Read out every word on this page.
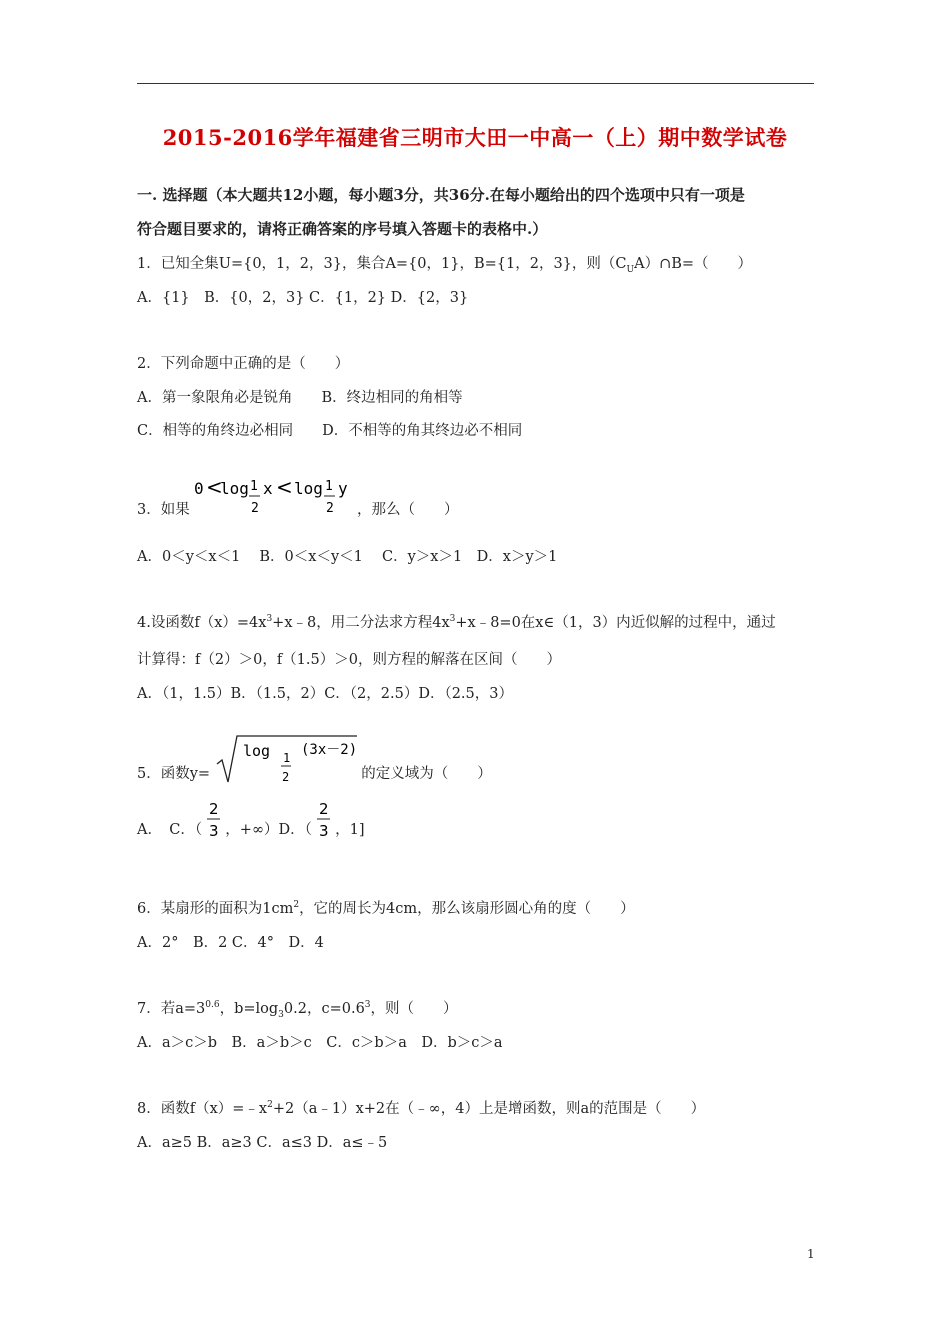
2015-2016学年福建省三明市大田一中高一（上）期中数学试卷
一. 选择题（本大题共12小题，每小题3分，共36分.在每小题给出的四个选项中只有一项是
符合题目要求的，请将正确答案的序号填入答题卡的表格中.）
1．已知全集U={0，1，2，3}，集合A={0，1}，B={1，2，3}，则$(C_UA)\cap B=$（　　）
A．{1}　B．{0，2，3} C．{1，2} D．{2，3}
2．下列命题中正确的是（　　）
A．第一象限角必是锐角　　B．终边相同的角相等
C．相等的角终边必相同　　D．不相等的角其终边必不相同
3．如果
0 <
log 1
2
x < log 1
2
y
，那么（　　）
A．0＜y＜x＜1　 B．0＜x＜y＜1　 C．y＞x＞1　D．x＞y＞1
4.设函数$f(x)=4x^3+x﹣8$，用二分法求方程$4x^3+x﹣8=0$在x∈（1，3）内近似解的过程中，通过
计算得：f（2）＞0，f（1.5）＞0，则方程的解落在区间（　　）
A．（1，1.5）B．（1.5，2）C．（2，2.5）D．（2.5，3）
5．函数y=
log 1
2
(3x－2)
的定义域为（　　）
A．　C．（
2
3 ，+∞）D．（
2
3 ，1]
6．某扇形的面积为$1cm^2$，它的周长为4cm，那么该扇形圆心角的度（　　）
A．2°　B．2 C．4°　D．4
7．若$a=3^{0.6}$，$b=\log_30.2$，$c=0.6^3$，则（　　）
A．a＞c＞b　B．a＞b＞c　C．c＞b＞a　D．b＞c＞a
8．函数$f(x)=﹣x^2+2(a﹣1)x+2$在（﹣∞，4）上是增函数，则a的范围是（　　）
A．a≥5 B．a≥3 C．a≤3 D．a≤﹣5
1
